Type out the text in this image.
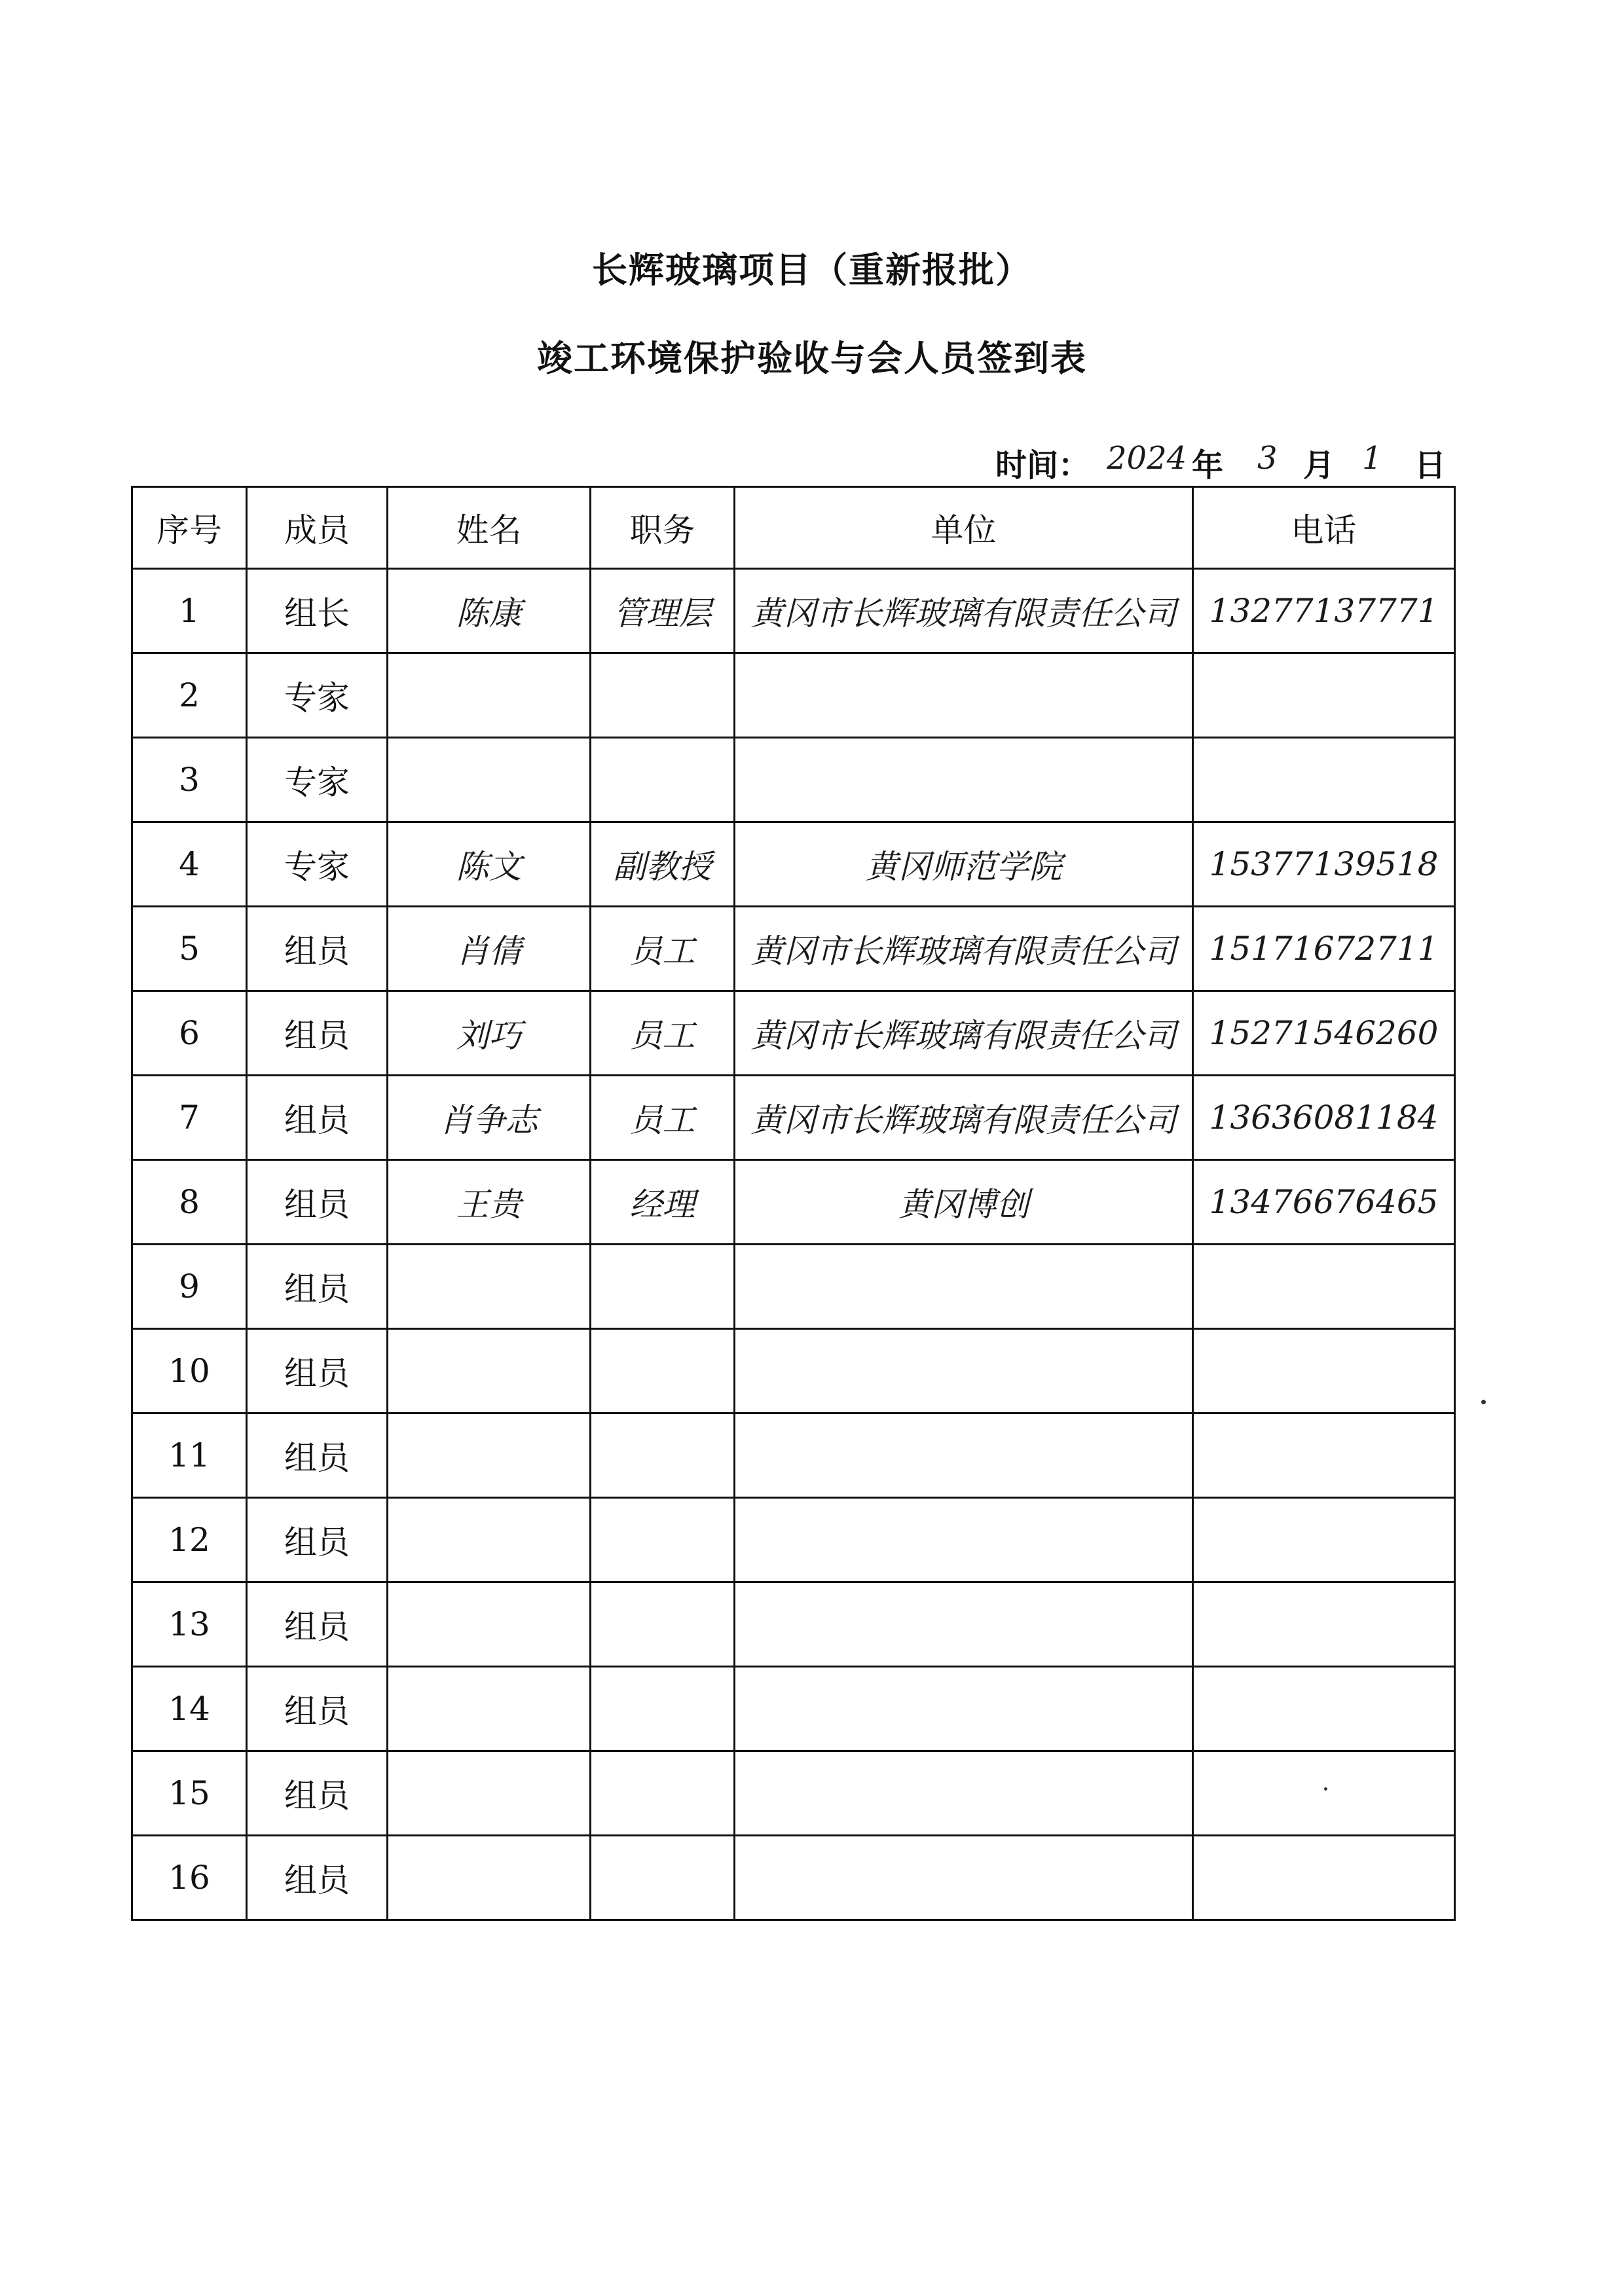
长辉玻璃项目（重新报批）
竣工环境保护验收与会人员签到表
时间： 2024 年 3 月 1 日
序号	成员	姓名	职务	单位	电话
1	组长	陈康	管理层	黄冈市长辉玻璃有限责任公司	13277137771
2	专家				
3	专家				
4	专家	陈文	副教授	黄冈师范学院	15377139518
5	组员	肖倩	员工	黄冈市长辉玻璃有限责任公司	15171672711
6	组员	刘巧	员工	黄冈市长辉玻璃有限责任公司	15271546260
7	组员	肖争志	员工	黄冈市长辉玻璃有限责任公司	13636081184
8	组员	王贵	经理	黄冈博创	13476676465
9	组员				
10	组员				
11	组员				
12	组员				
13	组员				
14	组员				
15	组员				
16	组员				
